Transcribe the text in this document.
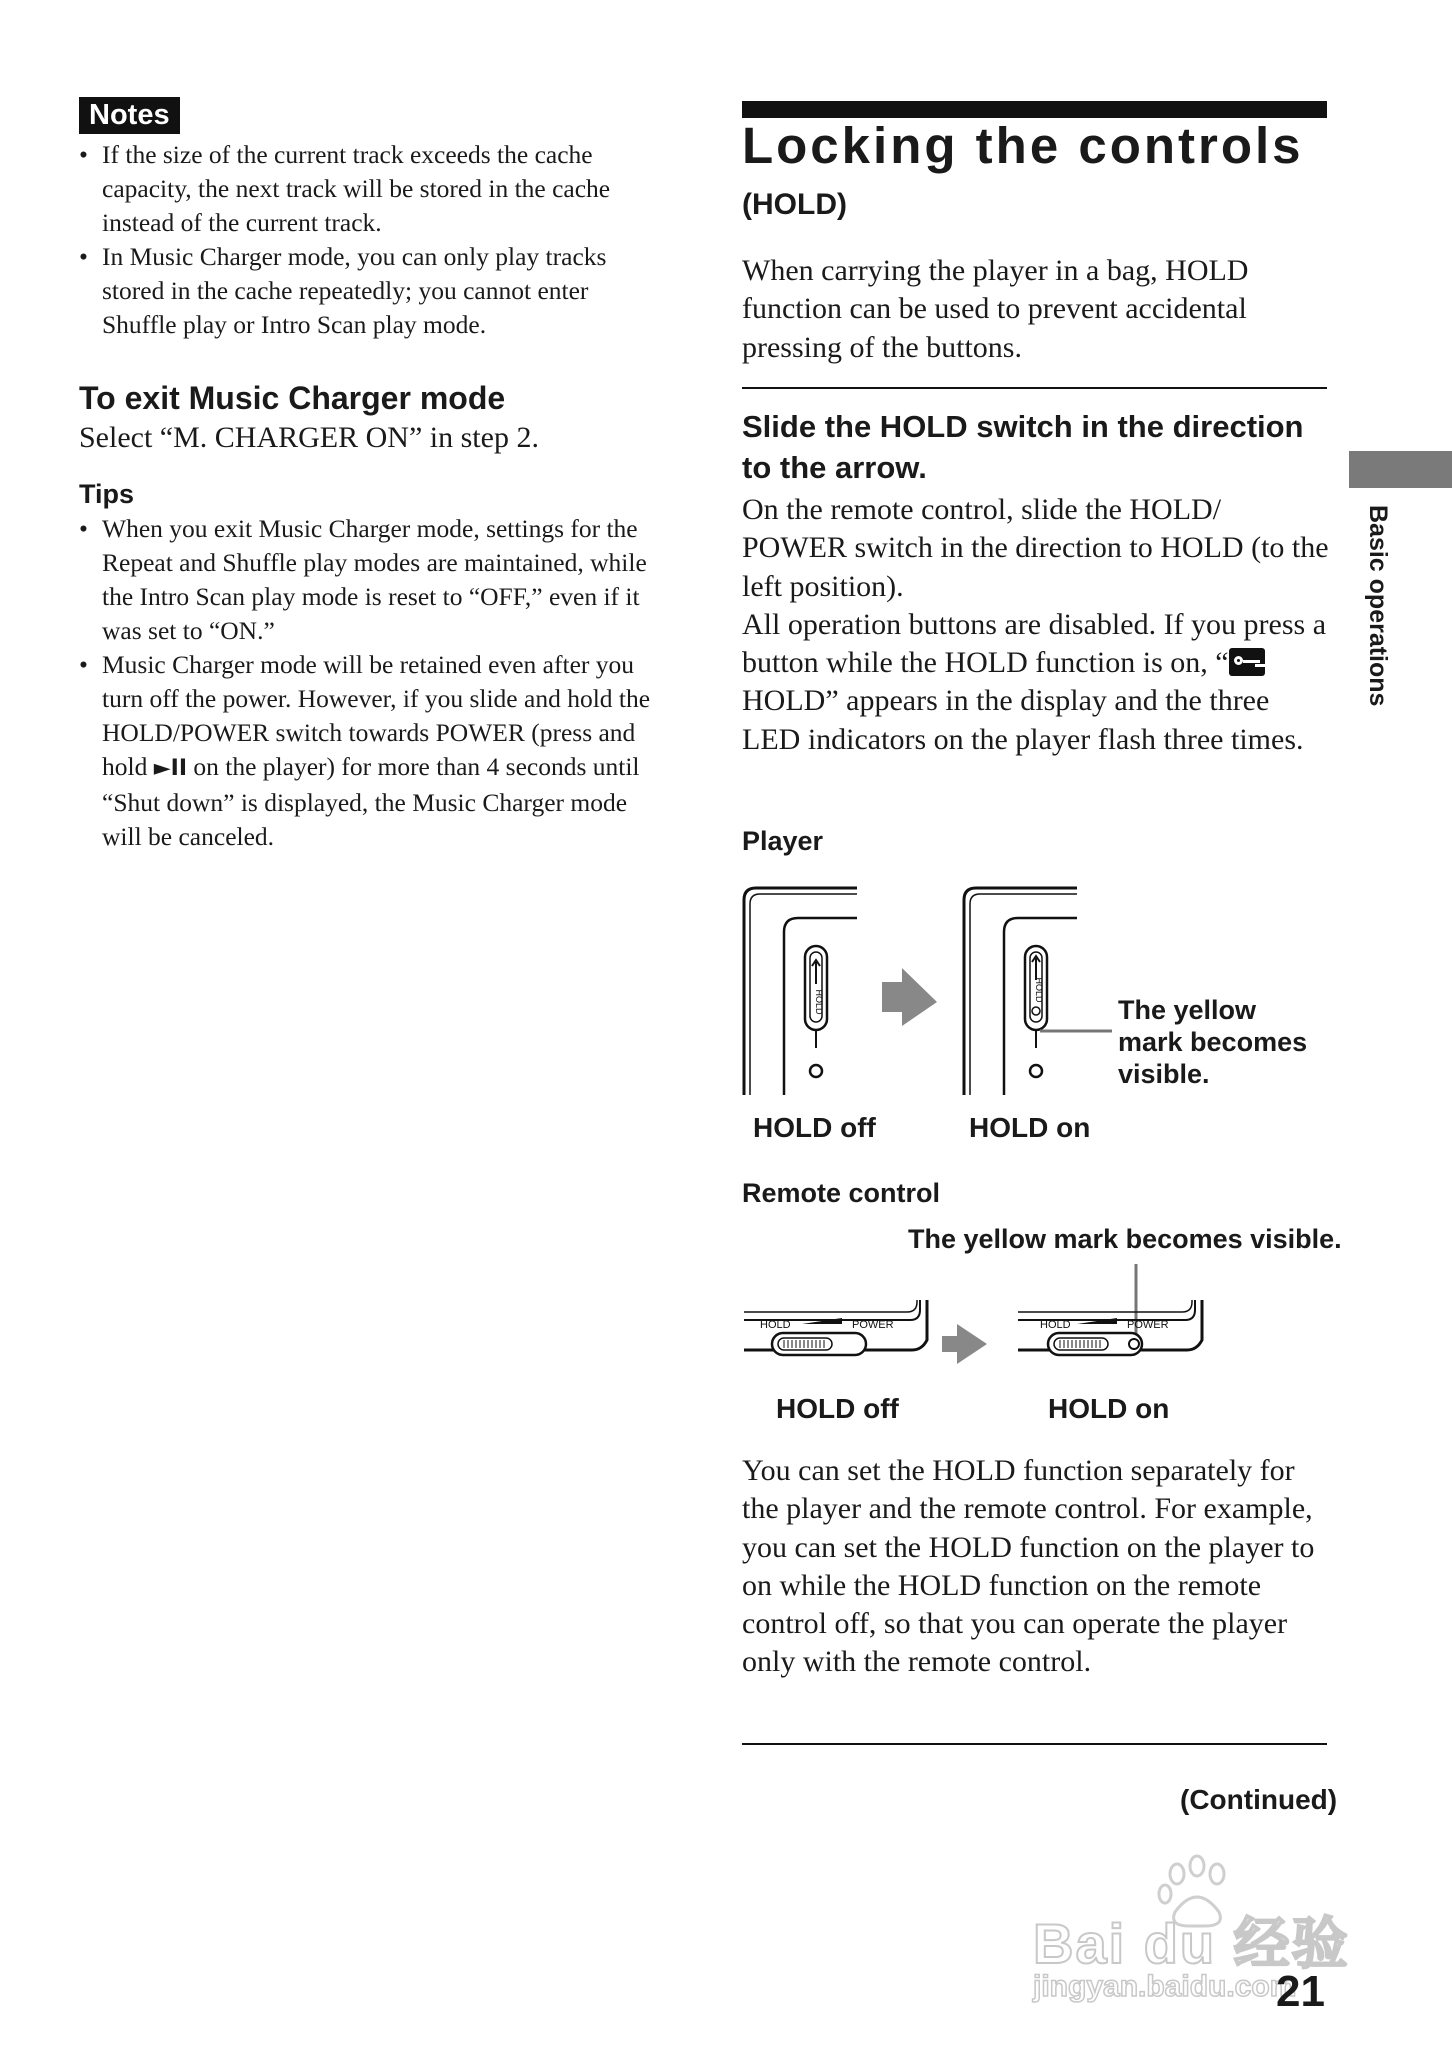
Notes
• If the size of the current track exceeds the cache capacity, the next track will be stored in the cache instead of the current track.
• In Music Charger mode, you can only play tracks stored in the cache repeatedly; you cannot enter Shuffle play or Intro Scan play mode.
To exit Music Charger mode

Select “M. CHARGER ON” in step 2.

Tips
• When you exit Music Charger mode, settings for the Repeat and Shuffle play modes are maintained, while the Intro Scan play mode is reset to “OFF,” even if it was set to “ON.”
• Music Charger mode will be retained even after you turn off the power. However, if you slide and hold the HOLD/POWER switch towards POWER (press and hold ►II on the player) for more than 4 seconds until “Shut down” is displayed, the Music Charger mode will be canceled.
Locking the controls
(HOLD)

When carrying the player in a bag, HOLD function can be used to prevent accidental pressing of the buttons.

Slide the HOLD switch in the direction to the arrow.

On the remote control, slide the HOLD/ POWER switch in the direction to HOLD (to the left position).

All operation buttons are disabled. If you press a button while the HOLD function is on, “HOLD” appears in the display and the three LED indicators on the player flash three times.

Player
HOLD	HOLD
The yellow mark becomes visible.
HOLD off	HOLD on
Remote control
The yellow mark becomes visible.
HOLD	POWER	HOLD	POWER
HOLD off	HOLD on

You can set the HOLD function separately for the player and the remote control. For example, you can set the HOLD function on the player to on while the HOLD function on the remote control off, so that you can operate the player only with the remote control.

(Continued)
Basic operations
Bai du 经验
jingyan.baidu.com
21
